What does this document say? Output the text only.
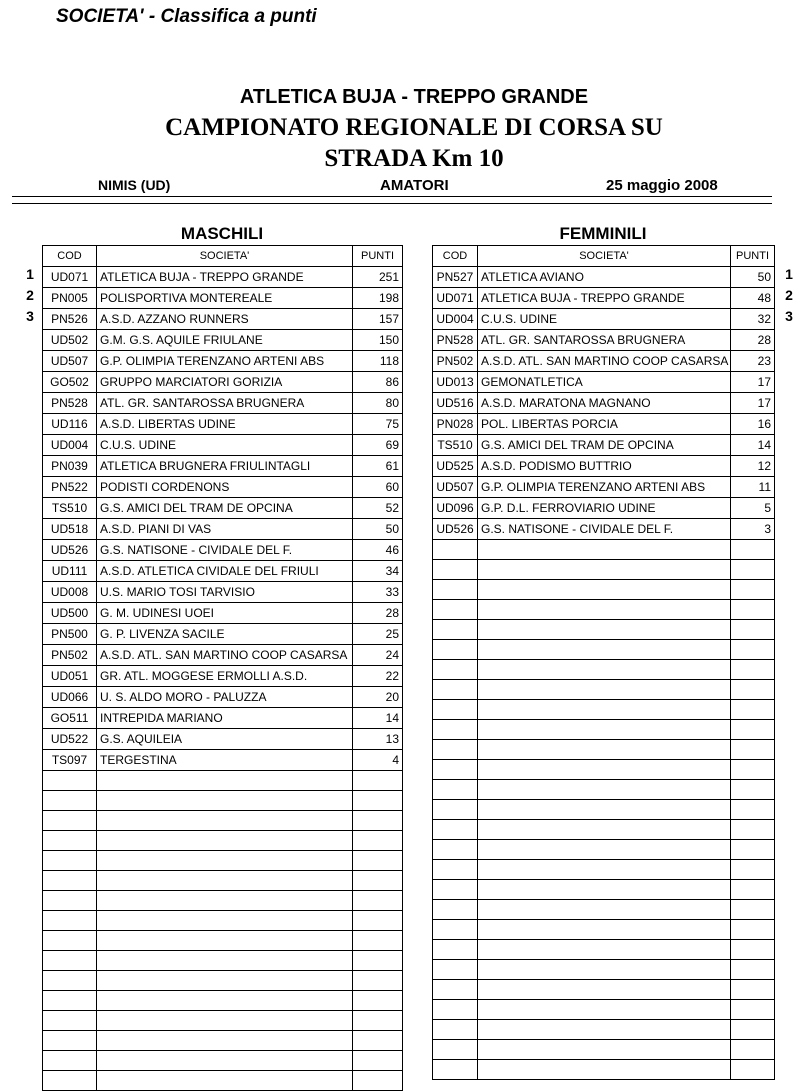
SOCIETA' - Classifica a punti
ATLETICA BUJA - TREPPO GRANDE
CAMPIONATO REGIONALE DI CORSA SU
STRADA Km 10
NIMIS (UD)	AMATORI	25 maggio 2008
MASCHILI	FEMMINILI
1
2
3
1
2
3
COD	SOCIETA'	PUNTI
UD071	ATLETICA BUJA - TREPPO GRANDE	251
PN005	POLISPORTIVA MONTEREALE	198
PN526	A.S.D. AZZANO RUNNERS	157
UD502	G.M. G.S. AQUILE FRIULANE	150
UD507	G.P. OLIMPIA TERENZANO ARTENI ABS	118
GO502	GRUPPO MARCIATORI GORIZIA	86
PN528	ATL. GR. SANTAROSSA BRUGNERA	80
UD116	A.S.D. LIBERTAS UDINE	75
UD004	C.U.S. UDINE	69
PN039	ATLETICA BRUGNERA FRIULINTAGLI	61
PN522	PODISTI CORDENONS	60
TS510	G.S. AMICI DEL TRAM DE OPCINA	52
UD518	A.S.D. PIANI DI VAS	50
UD526	G.S. NATISONE - CIVIDALE DEL F.	46
UD111	A.S.D. ATLETICA CIVIDALE DEL FRIULI	34
UD008	U.S. MARIO TOSI TARVISIO	33
UD500	G. M. UDINESI UOEI	28
PN500	G. P. LIVENZA SACILE	25
PN502	A.S.D. ATL. SAN MARTINO COOP CASARSA	24
UD051	GR. ATL. MOGGESE ERMOLLI A.S.D.	22
UD066	U. S. ALDO MORO - PALUZZA	20
GO511	INTREPIDA MARIANO	14
UD522	G.S. AQUILEIA	13
TS097	TERGESTINA	4

COD	SOCIETA'	PUNTI
PN527	ATLETICA AVIANO	50
UD071	ATLETICA BUJA - TREPPO GRANDE	48
UD004	C.U.S. UDINE	32
PN528	ATL. GR. SANTAROSSA BRUGNERA	28
PN502	A.S.D. ATL. SAN MARTINO COOP CASARSA	23
UD013	GEMONATLETICA	17
UD516	A.S.D. MARATONA MAGNANO	17
PN028	POL. LIBERTAS PORCIA	16
TS510	G.S. AMICI DEL TRAM DE OPCINA	14
UD525	A.S.D. PODISMO BUTTRIO	12
UD507	G.P. OLIMPIA TERENZANO ARTENI ABS	11
UD096	G.P. D.L. FERROVIARIO UDINE	5
UD526	G.S. NATISONE - CIVIDALE DEL F.	3
